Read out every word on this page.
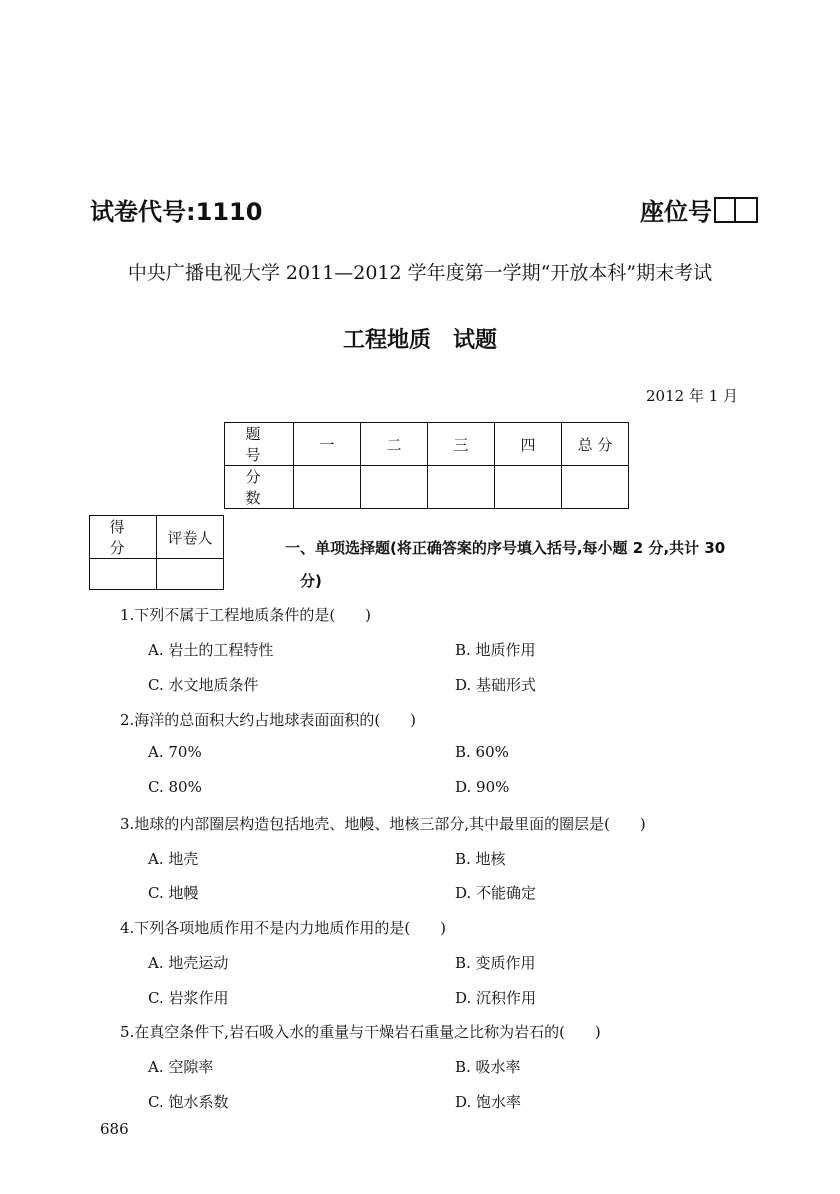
试卷代号:1110	座位号
中央广播电视大学 2011—2012 学年度第一学期“开放本科”期末考试
工程地质　试题
2012 年 1 月
题 号	一	二	三	四	总 分
分 数					
得 分	评卷人

一、单项选择题(将正确答案的序号填入括号,每小题 2 分,共计 30
分)
1.下列不属于工程地质条件的是(　　)
A. 岩土的工程特性	B. 地质作用
C. 水文地质条件	D. 基础形式
2.海洋的总面积大约占地球表面面积的(　　)
A. 70%	B. 60%
C. 80%	D. 90%
3.地球的内部圈层构造包括地壳、地幔、地核三部分,其中最里面的圈层是(　　)
A. 地壳	B. 地核
C. 地幔	D. 不能确定
4.下列各项地质作用不是内力地质作用的是(　　)
A. 地壳运动	B. 变质作用
C. 岩浆作用	D. 沉积作用
5.在真空条件下,岩石吸入水的重量与干燥岩石重量之比称为岩石的(　　)
A. 空隙率	B. 吸水率
C. 饱水系数	D. 饱水率
686
